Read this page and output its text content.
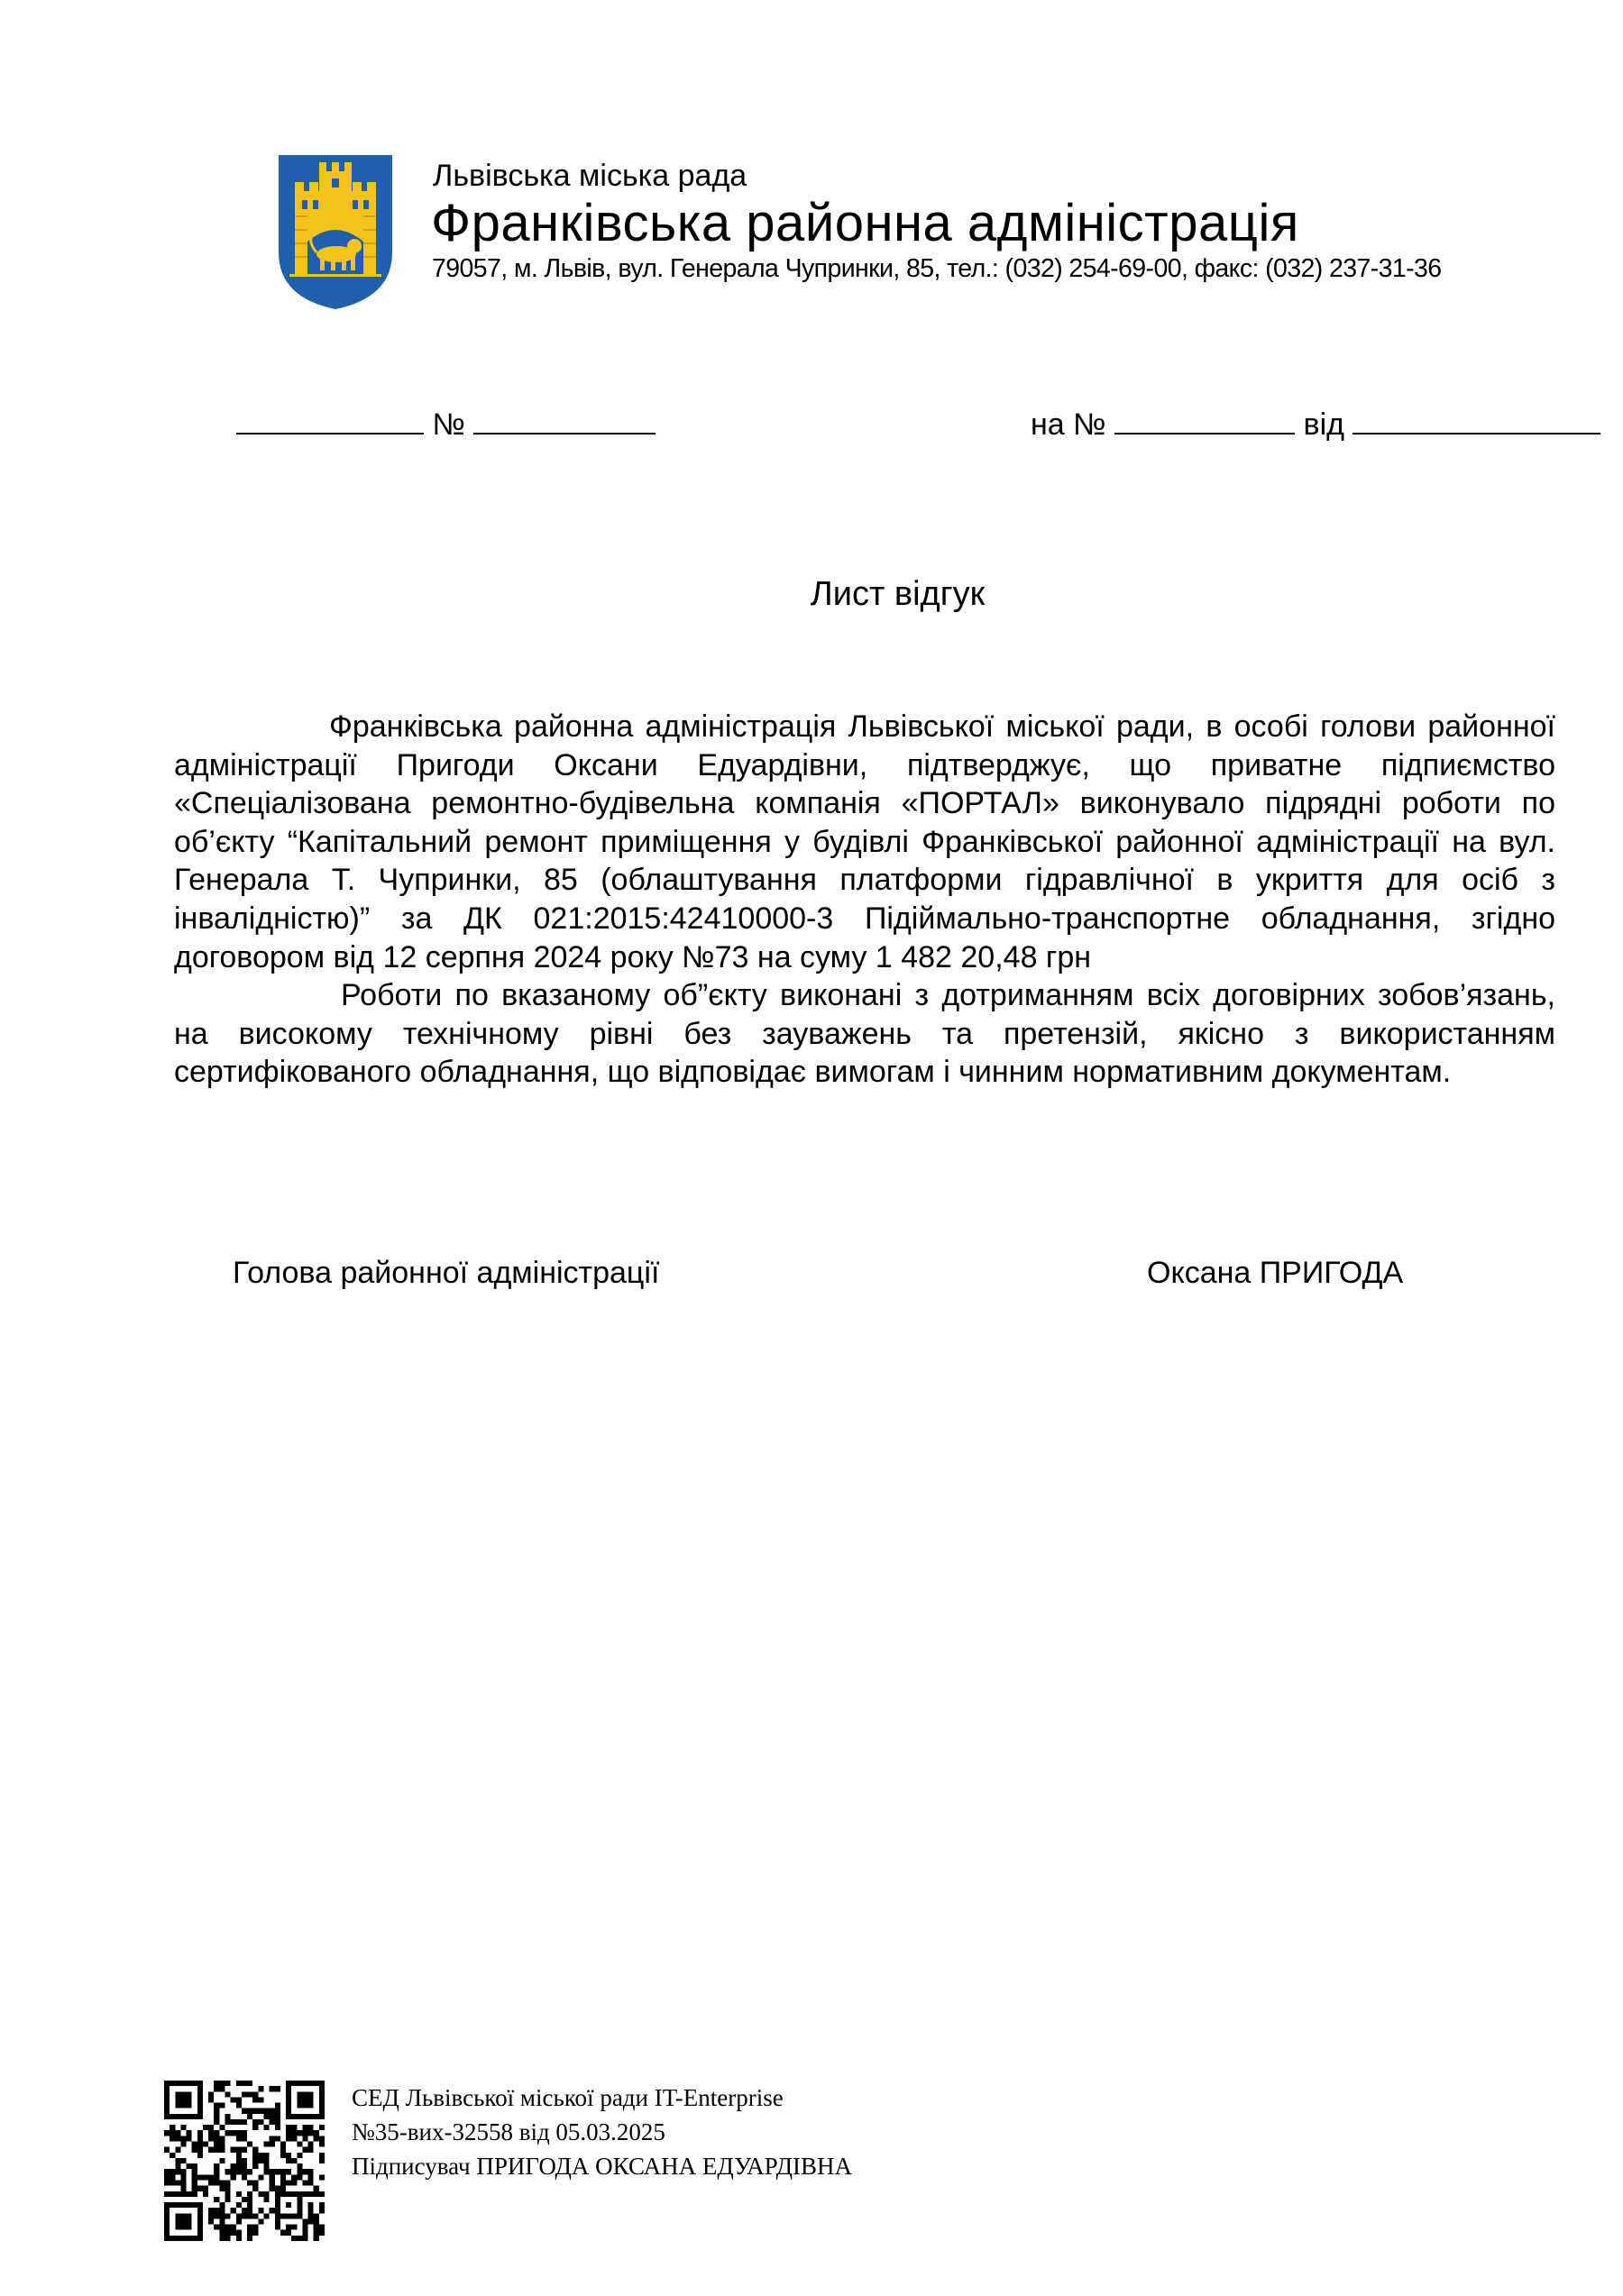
Львівська міська рада
Франківська районна адміністрація
79057, м. Львів, вул. Генерала Чупринки, 85, тел.: (032) 254-69-00, факс: (032) 237-31-36
№	на №	від
Лист відгук

Франківська районна адміністрація Львівської міської ради, в особі голови районної адміністрації Пригоди Оксани Едуардівни, підтверджує, що приватне підпиємство «Спеціалізована ремонтно-будівельна компанія «ПОРТАЛ» виконувало підрядні роботи по об’єкту “Капітальний ремонт приміщення у будівлі Франківської районної адміністрації на вул. Генерала Т. Чупринки, 85 (облаштування платформи гідравлічної в укриття для осіб з інвалідністю)” за ДК 021:2015:42410000-3 Підіймально-транспортне обладнання, згідно договором від 12 серпня 2024 року №73 на суму 1 482 20,48 грн

Роботи по вказаному об”єкту виконані з дотриманням всіх договірних зобов’язань, на високому технічному рівні без зауважень та претензій, якісно з використанням сертифікованого обладнання, що відповідає вимогам і чинним нормативним документам.

Голова районної адміністрації	Оксана ПРИГОДА
СЕД Львівської міської ради IT-Enterprise
№35-вих-32558 від 05.03.2025
Підписувач ПРИГОДА ОКСАНА ЕДУАРДІВНА
